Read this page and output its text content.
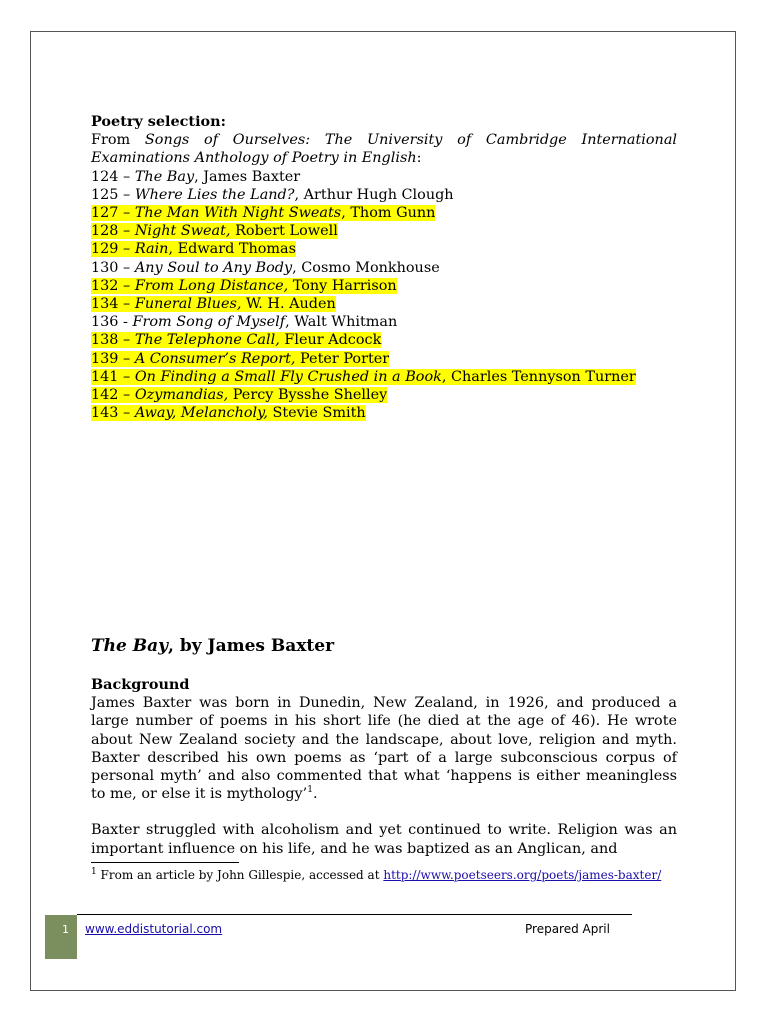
Poetry selection:
From Songs of Ourselves: The University of Cambridge International Examinations Anthology of Poetry in English:
124 – The Bay, James Baxter
125 – Where Lies the Land?, Arthur Hugh Clough
127 – The Man With Night Sweats, Thom Gunn
128 – Night Sweat, Robert Lowell
129 – Rain, Edward Thomas
130 – Any Soul to Any Body, Cosmo Monkhouse
132 – From Long Distance, Tony Harrison
134 – Funeral Blues, W. H. Auden
136 - From Song of Myself, Walt Whitman
138 – The Telephone Call, Fleur Adcock
139 – A Consumer’s Report, Peter Porter
141 – On Finding a Small Fly Crushed in a Book, Charles Tennyson Turner
142 – Ozymandias, Percy Bysshe Shelley
143 – Away, Melancholy, Stevie Smith
The Bay, by James Baxter
Background

James Baxter was born in Dunedin, New Zealand, in 1926, and produced a large number of poems in his short life (he died at the age of 46). He wrote about New Zealand society and the landscape, about love, religion and myth. Baxter described his own poems as ‘part of a large subconscious corpus of personal myth’ and also commented that what ‘happens is either meaningless to me, or else it is mythology’$^1$.

Baxter struggled with alcoholism and yet continued to write. Religion was an important influence on his life, and he was baptized as an Anglican, and

$^1$ From an article by John Gillespie, accessed at http://www.poetseers.org/poets/james-baxter/
1 www.eddistutorial.com	Prepared April
